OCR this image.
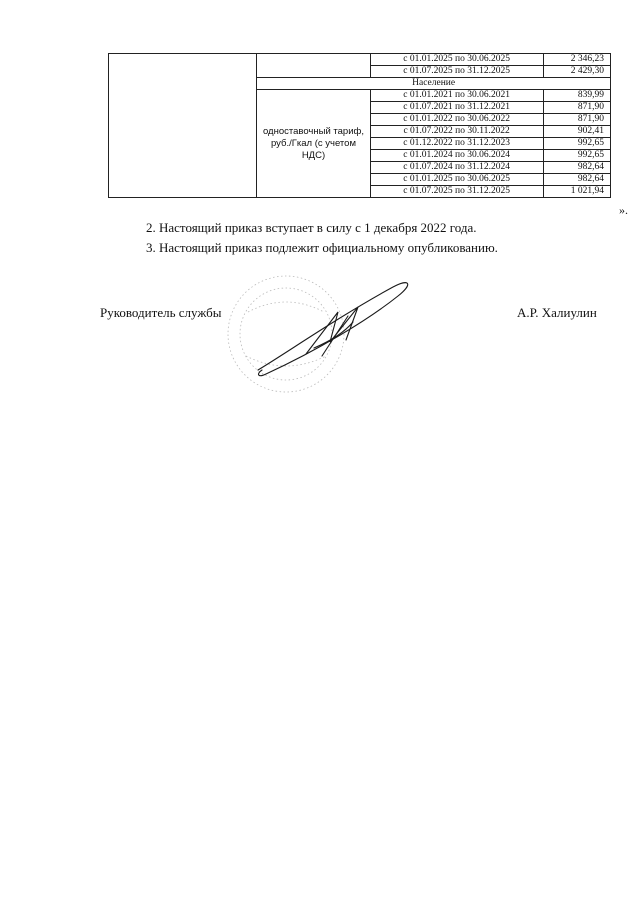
		с 01.01.2025 по 30.06.2025	2 346,23
		с 01.07.2025 по 31.12.2025	2 429,30
	Население		
	одноставочный тариф, руб./Гкал (с учетом НДС)	с 01.01.2021 по 30.06.2021	839,99
		с 01.07.2021 по 31.12.2021	871,90
		с 01.01.2022 по 30.06.2022	871,90
		с 01.07.2022 по 30.11.2022	902,41
		с 01.12.2022 по 31.12.2023	992,65
		с 01.01.2024 по 30.06.2024	992,65
		с 01.07.2024 по 31.12.2024	982,64
		с 01.01.2025 по 30.06.2025	982,64
		с 01.07.2025 по 31.12.2025	1 021,94
».
2. Настоящий приказ вступает в силу с 1 декабря 2022 года.
3. Настоящий приказ подлежит официальному опубликованию.
Руководитель службы	А.Р. Халиулин
